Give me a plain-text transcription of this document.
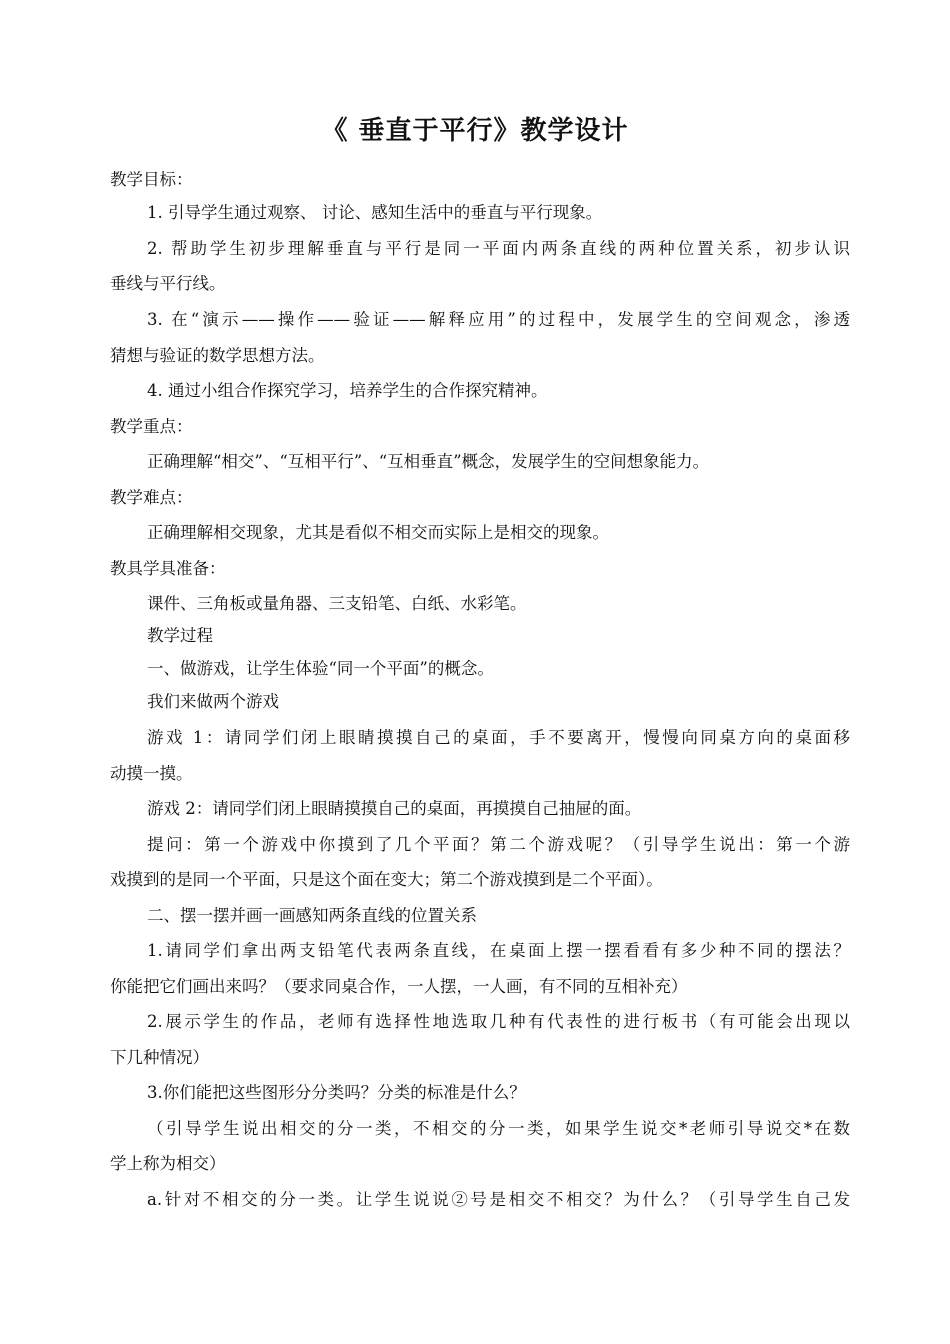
《 垂直于平行》教学设计
教学目标：
1. 引导学生通过观察、 讨论、感知生活中的垂直与平行现象。
2. 帮助学生初步理解垂直与平行是同一平面内两条直线的两种位置关系，初步认识
垂线与平行线。
3. 在“演示——操作——验证——解释应用”的过程中，发展学生的空间观念，渗透
猜想与验证的数学思想方法。
4. 通过小组合作探究学习，培养学生的合作探究精神。
教学重点：
正确理解“相交”、“互相平行”、“互相垂直”概念，发展学生的空间想象能力。
教学难点：
正确理解相交现象，尤其是看似不相交而实际上是相交的现象。
教具学具准备：
课件、三角板或量角器、三支铅笔、白纸、水彩笔。
教学过程
一、做游戏，让学生体验“同一个平面”的概念。
我们来做两个游戏
游戏 1：请同学们闭上眼睛摸摸自己的桌面，手不要离开，慢慢向同桌方向的桌面移
动摸一摸。
游戏 2：请同学们闭上眼睛摸摸自己的桌面，再摸摸自己抽屉的面。
提问：第一个游戏中你摸到了几个平面？第二个游戏呢？（引导学生说出：第一个游
戏摸到的是同一个平面，只是这个面在变大；第二个游戏摸到是二个平面）。
二、摆一摆并画一画感知两条直线的位置关系
1.请同学们拿出两支铅笔代表两条直线，在桌面上摆一摆看看有多少种不同的摆法？
你能把它们画出来吗？（要求同桌合作，一人摆，一人画，有不同的互相补充）
2.展示学生的作品，老师有选择性地选取几种有代表性的进行板书（有可能会出现以
下几种情况）
3.你们能把这些图形分分类吗？分类的标准是什么？
（引导学生说出相交的分一类，不相交的分一类，如果学生说交*老师引导说交*在数
学上称为相交）
a.针对不相交的分一类。让学生说说②号是相交不相交？为什么？（引导学生自己发
